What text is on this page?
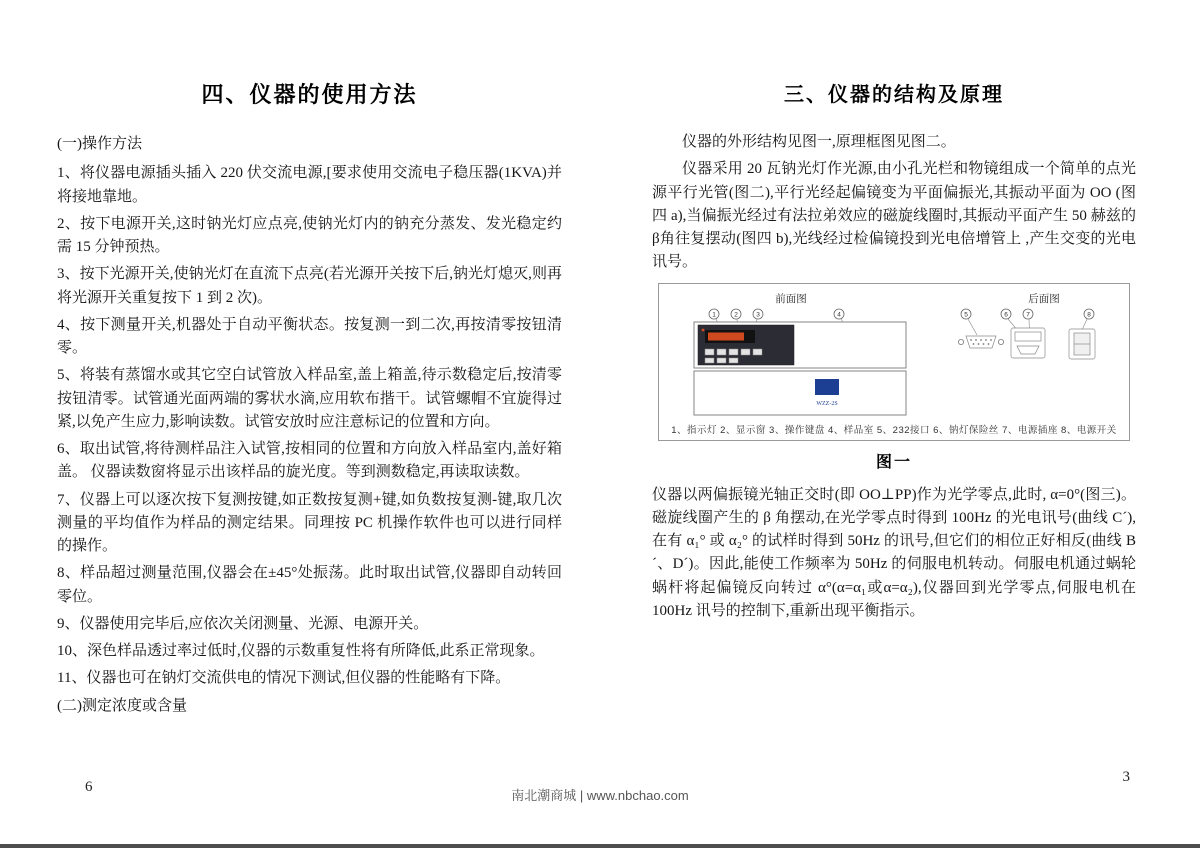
四、仪器的使用方法

(一)操作方法

1、将仪器电源插头插入 220 伏交流电源,[要求使用交流电子稳压器(1KVA)并将接地靠地。

2、按下电源开关,这时钠光灯应点亮,使钠光灯内的钠充分蒸发、发光稳定约需 15 分钟预热。

3、按下光源开关,使钠光灯在直流下点亮(若光源开关按下后,钠光灯熄灭,则再将光源开关重复按下 1 到 2 次)。

4、按下测量开关,机器处于自动平衡状态。按复测一到二次,再按清零按钮清零。

5、将装有蒸馏水或其它空白试管放入样品室,盖上箱盖,待示数稳定后,按清零按钮清零。试管通光面两端的雾状水滴,应用软布揩干。试管螺帽不宜旋得过紧,以免产生应力,影响读数。试管安放时应注意标记的位置和方向。

6、取出试管,将待测样品注入试管,按相同的位置和方向放入样品室内,盖好箱盖。 仪器读数窗将显示出该样品的旋光度。等到测数稳定,再读取读数。

7、仪器上可以逐次按下复测按键,如正数按复测+键,如负数按复测-键,取几次测量的平均值作为样品的测定结果。同理按 PC 机操作软件也可以进行同样的操作。

8、样品超过测量范围,仪器会在±45°处振荡。此时取出试管,仪器即自动转回零位。

9、仪器使用完毕后,应依次关闭测量、光源、电源开关。

10、深色样品透过率过低时,仪器的示数重复性将有所降低,此系正常现象。

11、仪器也可在钠灯交流供电的情况下测试,但仪器的性能略有下降。

(二)测定浓度或含量

三、仪器的结构及原理

仪器的外形结构见图一,原理框图见图二。

仪器采用 20 瓦钠光灯作光源,由小孔光栏和物镜组成一个简单的点光源平行光管(图二),平行光经起偏镜变为平面偏振光,其振动平面为 OO (图四 a),当偏振光经过有法拉弟效应的磁旋线圈时,其振动平面产生 50 赫兹的β角往复摆动(图四 b),光线经过检偏镜投到光电倍增管上 ,产生交变的光电讯号。

前面图	后面图
1	2	3	4
WZZ-2S
5	6	7	8
1、指示灯 2、显示窗 3、操作键盘 4、样品室 5、232接口 6、钠灯保险丝 7、电源插座 8、电源开关
图一

仪器以两偏振镜光轴正交时(即 OO⊥PP)作为光学零点,此时, α=0°(图三)。磁旋线圈产生的 β 角摆动,在光学零点时得到 100Hz 的光电讯号(曲线 C´),在有 α₁° 或 α₂° 的试样时得到 50Hz 的讯号,但它们的相位正好相反(曲线 B´、D´)。因此,能使工作频率为 50Hz 的伺服电机转动。伺服电机通过蜗轮蜗杆将起偏镜反向转过 α°(α=α₁或α=α₂),仪器回到光学零点,伺服电机在 100Hz 讯号的控制下,重新出现平衡指示。

6
3
南北潮商城 | www.nbchao.com
